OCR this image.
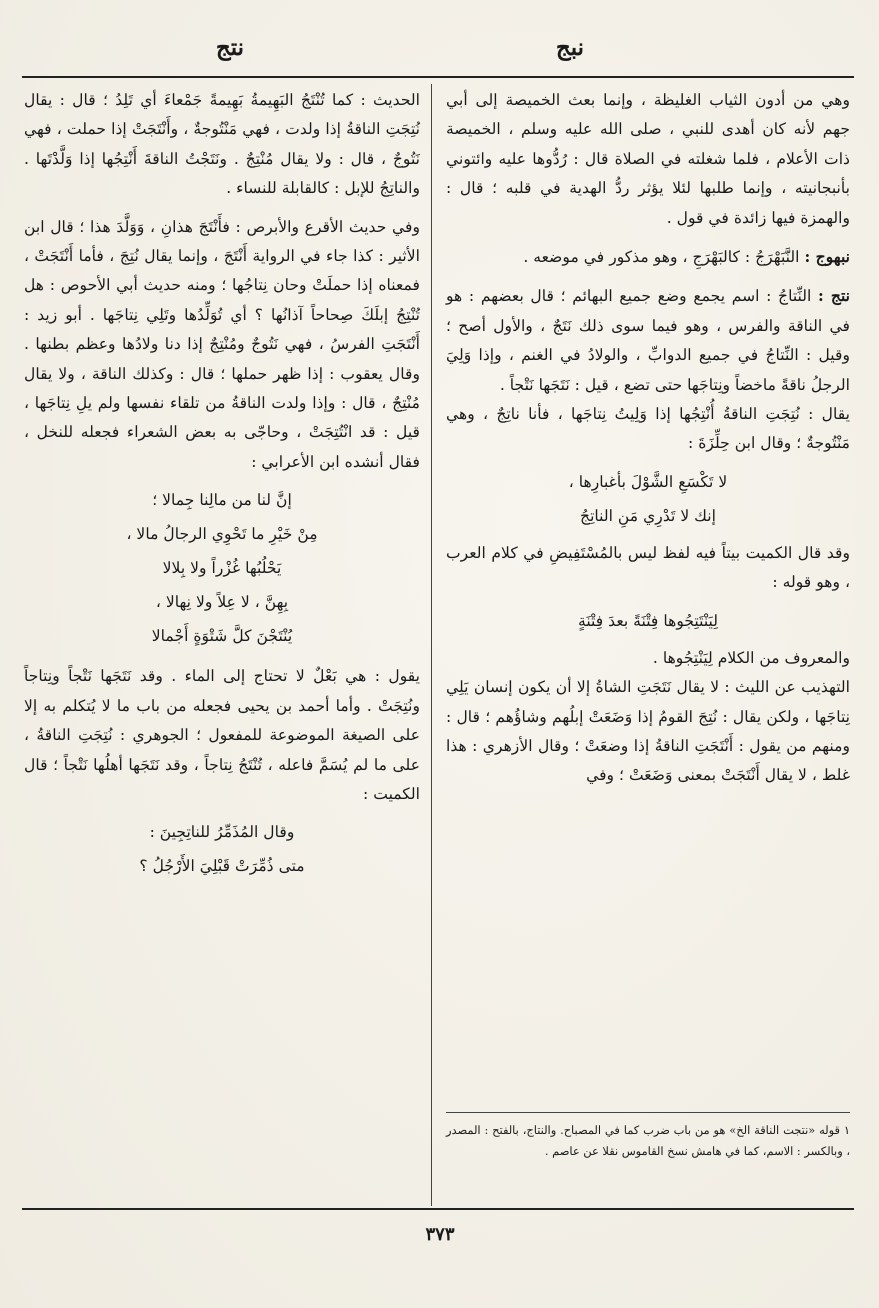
نبج
نتج

وهي من أدون الثياب الغليظة ، وإنما بعث الخميصة إلى أبي جهم لأنه كان أهدى للنبي ، صلى الله عليه وسلم ، الخميصة ذات الأعلام ، فلما شغلته في الصلاة قال : رُدُّوها عليه وائتوني بأنبجانيته ، وإنما طلبها لئلا يؤثر ردُّ الهدية في قلبه ؛ قال : والهمزة فيها زائدة في قول .

نبهوج : النَّبَهْرَجُ : كالبَهْرَجِ ، وهو مذكور في موضعه .

نتج : النِّتاجُ : اسم يجمع وضع جميع البهائم ؛ قال بعضهم : هو في الناقة والفرس ، وهو فيما سوى ذلك نَتَجٌ ، والأول أصح ؛ وقيل : النِّتاجُ في جميع الدوابِّ ، والولادُ في الغنم ، وإذا وَلِيَ الرجلُ ناقةً ماخضاً ونِتاجَها حتى تضع ، قيل : نَتَجَها نَتْجاً .

يقال : نُتِجَتِ الناقةُ أُنْتِجُها إذا وَلِيتُ نِتاجَها ، فأنا ناتِجٌ ، وهي مَنْتُوجةٌ ؛ وقال ابن حِلِّزَةَ :

لا تَكْسَعِ الشَّوْلَ بأغبارِها ،
إنك لا تَدْرِي مَنِ الناتِجُ

وقد قال الكميت بيتاً فيه لفظ ليس بالمُسْتَفِيضِ في كلام العرب ، وهو قوله :

لِيَنْتَتِجُوها فِتْنَةً بعدَ فِتْنَةٍ

والمعروف من الكلام لِيَنْتِجُوها .

التهذيب عن الليث : لا يقال نَتَجَتِ الشاةُ إلا أن يكون إنسان يَلِي نِتاجَها ، ولكن يقال : نُتِجَ القومُ إذا وَضَعَتْ إبلُهم وشاؤُهم ؛ قال : ومنهم من يقول : أَنْتَجَتِ الناقةُ إذا وضعَتْ ؛ وقال الأزهري : هذا غلط ، لا يقال أَنْتَجَتْ بمعنى وَضَعَتْ ؛ وفي

الحديث : كما تُنْتَجُ البَهِيمةُ بَهِيمةً جَمْعاءَ أي تَلِدُ ؛ قال : يقال نُتِجَتِ الناقةُ إذا ولدت ، فهي مَنْتُوجةٌ ، وأَنْتَجَتْ إذا حملت ، فهي نَتُوجٌ ، قال : ولا يقال مُنْتِجٌ . ونَتَجْتُ الناقةَ أَنْتِجُها إذا وَلَّدْتَها . والناتِجُ للإبل : كالقابلة للنساء .

وفي حديث الأقرع والأبرص : فأَنْتَجَ هذانِ ، وَوَلَّدَ هذا ؛ قال ابن الأثير : كذا جاء في الرواية أَنْتَجَ ، وإنما يقال نُتِجَ ، فأما أَنْتَجَتْ ، فمعناه إذا حملَتْ وحان نِتاجُها ؛ ومنه حديث أبي الأحوص : هل تُنْتِجُ إبلَكَ صِحاحاً آذانُها ؟ أي تُوَلِّدُها وتَلِي نِتاجَها . أبو زيد : أَنْتَجَتِ الفرسُ ، فهي نَتُوجٌ ومُنْتِجٌ إذا دنا ولادُها وعظم بطنها . وقال يعقوب : إذا ظهر حملها ؛ قال : وكذلك الناقة ، ولا يقال مُنْتِجٌ ، قال : وإذا ولدت الناقةُ من تلقاء نفسها ولم يلِ نِتاجَها ، قيل : قد انْتُتِجَتْ ، وحاجّى به بعض الشعراء فجعله للنخل ، فقال أنشده ابن الأعرابي :

إنَّ لنا من مالِنا جِمالا ؛
مِنْ خَيْرِ ما تَحْوِي الرجالُ مالا ،
يَحْلُبُها غُزْراً ولا بِلالا
بِهِنَّ ، لا عِلاً ولا نِهالا ،
يُنْتَجْنَ كلَّ شَتْوَةٍ أَجْمالا

يقول : هي بَعْلٌ لا تحتاج إلى الماء . وقد نَتَجَها نَتْجاً ونِتاجاً ونُتِجَتْ . وأما أحمد بن يحيى فجعله من باب ما لا يُتكلم به إلا على الصيغة الموضوعة للمفعول ؛ الجوهري : نُتِجَتِ الناقةُ ، على ما لم يُسَمَّ فاعله ، تُنْتَجُ نِتاجاً ، وقد نَتَجَها أهلُها نَتْجاً ؛ قال الكميت :

وقال المُذَمِّرُ للناتِجِينَ :
متى ذُمِّرَتْ قَبْلِيَ الأَرْجُلُ ؟
١ قوله «نتجت الناقة الخ» هو من باب ضرب كما في المصباح. والنتاج، بالفتح : المصدر ، وبالكسر : الاسم، كما في هامش نسخ القاموس نقلا عن عاصم .
٣٧٣
